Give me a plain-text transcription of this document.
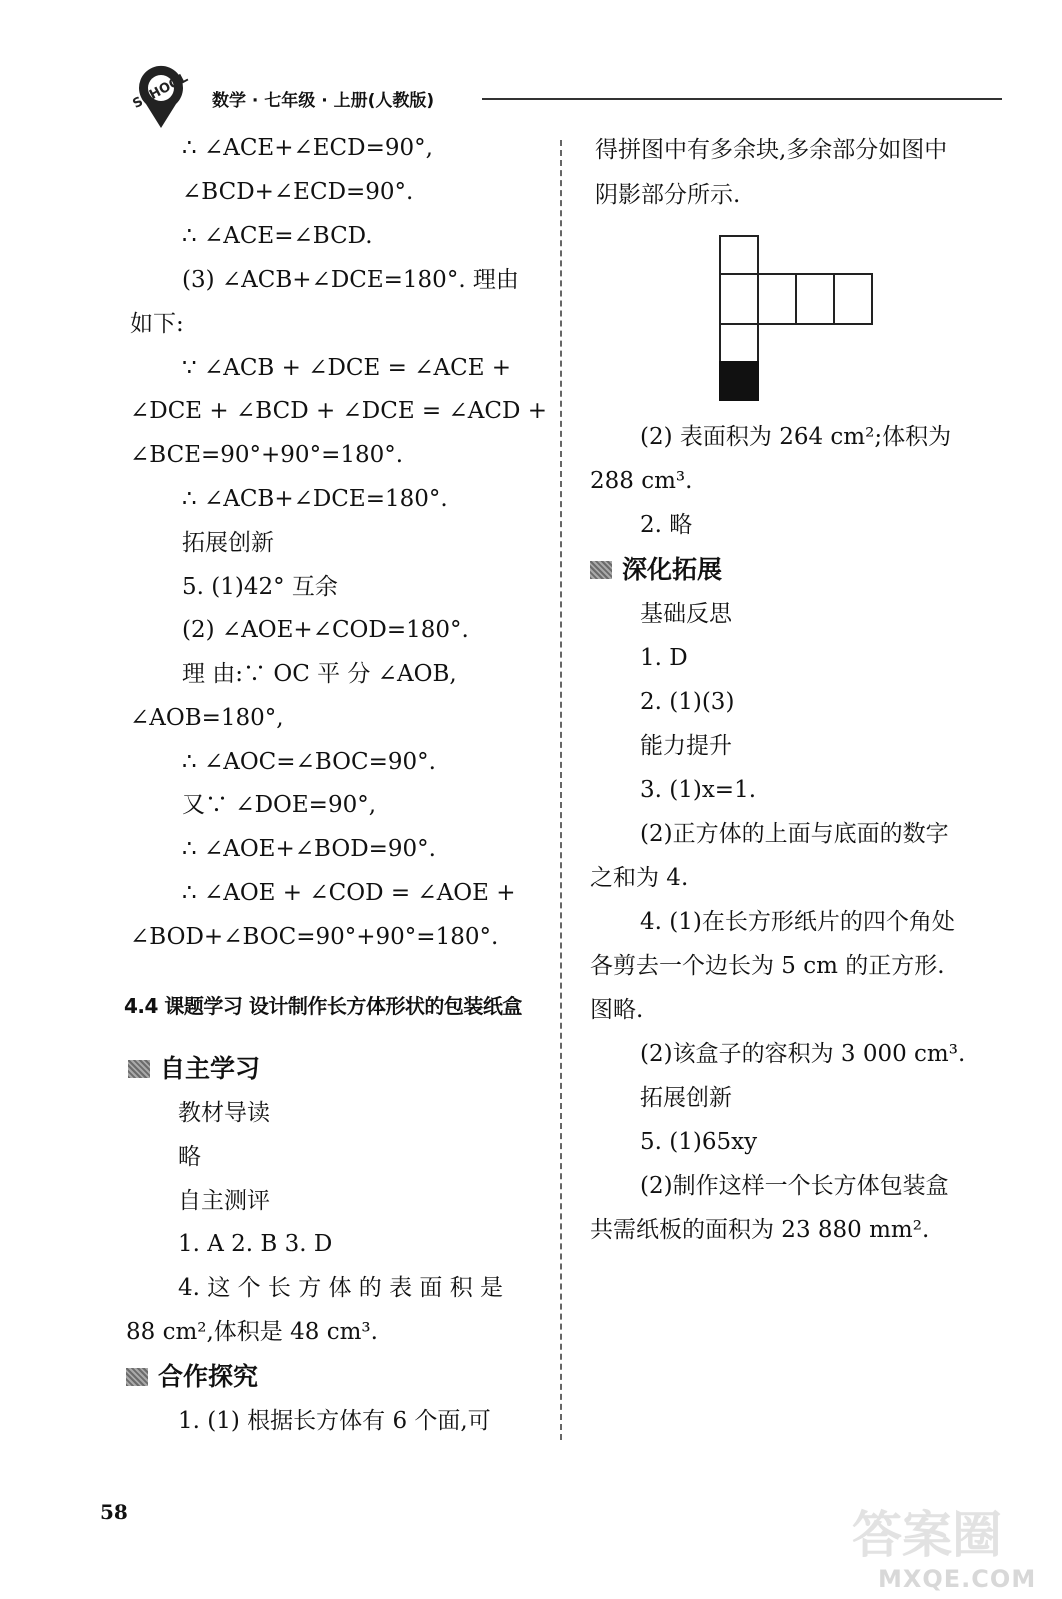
SCHOOL 数学 · 七年级 · 上册(人教版)
∴ ∠ACE+∠ECD=90°,
∠BCD+∠ECD=90°.
∴ ∠ACE=∠BCD.
(3) ∠ACB+∠DCE=180°. 理由
如下:
∵ ∠ACB + ∠DCE = ∠ACE +
∠DCE + ∠BCD + ∠DCE = ∠ACD +
∠BCE=90°+90°=180°.
∴ ∠ACB+∠DCE=180°.
拓展创新
5. (1)42° 互余
(2) ∠AOE+∠COD=180°.
理 由:∵ OC 平 分 ∠AOB,
∠AOB=180°,
∴ ∠AOC=∠BOC=90°.
又∵ ∠DOE=90°,
∴ ∠AOE+∠BOD=90°.
∴ ∠AOE + ∠COD = ∠AOE +
∠BOD+∠BOC=90°+90°=180°.
4.4 课题学习 设计制作长方体形状的包装纸盒
自主学习
教材导读
略
自主测评
1. A 2. B 3. D
4. 这 个 长 方 体 的 表 面 积 是
88 cm²,体积是 48 cm³.
合作探究
1. (1) 根据长方体有 6 个面,可
得拼图中有多余块,多余部分如图中
阴影部分所示.
(2) 表面积为 264 cm²;体积为
288 cm³.
2. 略
深化拓展
基础反思
1. D
2. (1)(3)
能力提升
3. (1)x=1.
(2)正方体的上面与底面的数字
之和为 4.
4. (1)在长方形纸片的四个角处
各剪去一个边长为 5 cm 的正方形.
图略.
(2)该盒子的容积为 3 000 cm³.
拓展创新
5. (1)65xy
(2)制作这样一个长方体包装盒
共需纸板的面积为 23 880 mm².
58	答案圈
MXQE.COM
